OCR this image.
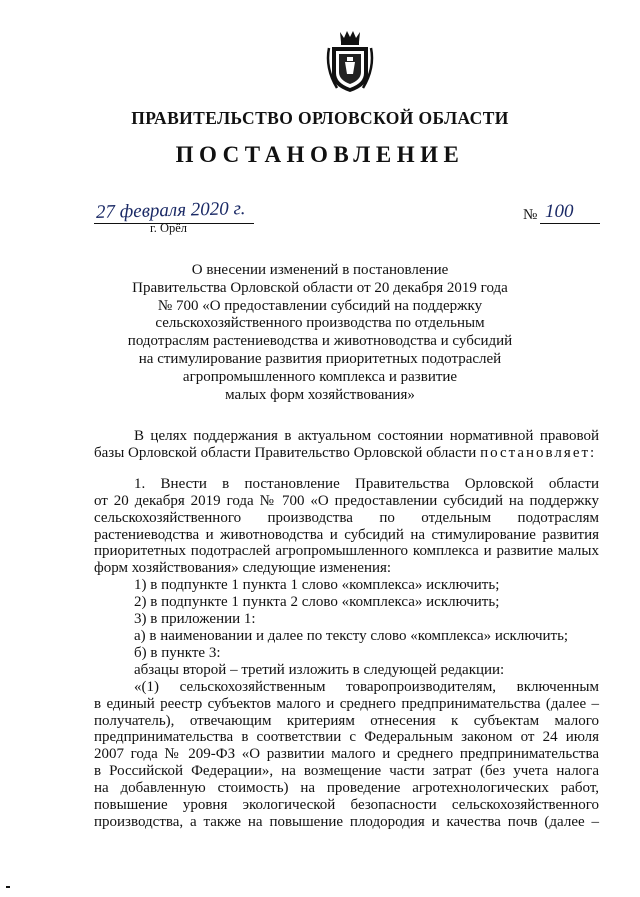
ПРАВИТЕЛЬСТВО ОРЛОВСКОЙ ОБЛАСТИ
ПОСТАНОВЛЕНИЕ
27 февраля 2020 г.
г. Орёл
№ 100
О внесении изменений в постановление
Правительства Орловской области от 20 декабря 2019 года
№ 700 «О предоставлении субсидий на поддержку
сельскохозяйственного производства по отдельным
подотраслям растениеводства и животноводства и субсидий
на стимулирование развития приоритетных подотраслей
агропромышленного комплекса и развитие
малых форм хозяйствования»

В целях поддержания в актуальном состоянии нормативной правовой базы Орловской области Правительство Орловской области постановляет:

1. Внести в постановление Правительства Орловской области
от 20 декабря 2019 года № 700 «О предоставлении субсидий на поддержку
сельскохозяйственного производства по отдельным подотраслям
растениеводства и животноводства и субсидий на стимулирование развития
приоритетных подотраслей агропромышленного комплекса и развитие малых
форм хозяйствования» следующие изменения:
1) в подпункте 1 пункта 1 слово «комплекса» исключить;
2) в подпункте 1 пункта 2 слово «комплекса» исключить;
3) в приложении 1:
а) в наименовании и далее по тексту слово «комплекса» исключить;
б) в пункте 3:
абзацы второй – третий изложить в следующей редакции:
«(1) сельскохозяйственным товаропроизводителям, включенным
в единый реестр субъектов малого и среднего предпринимательства (далее –
получатель), отвечающим критериям отнесения к субъектам малого
предпринимательства в соответствии с Федеральным законом от 24 июля
2007 года № 209-ФЗ «О развитии малого и среднего предпринимательства
в Российской Федерации», на возмещение части затрат (без учета налога
на добавленную стоимость) на проведение агротехнологических работ,
повышение уровня экологической безопасности сельскохозяйственного
производства, а также на повышение плодородия и качества почв (далее –
